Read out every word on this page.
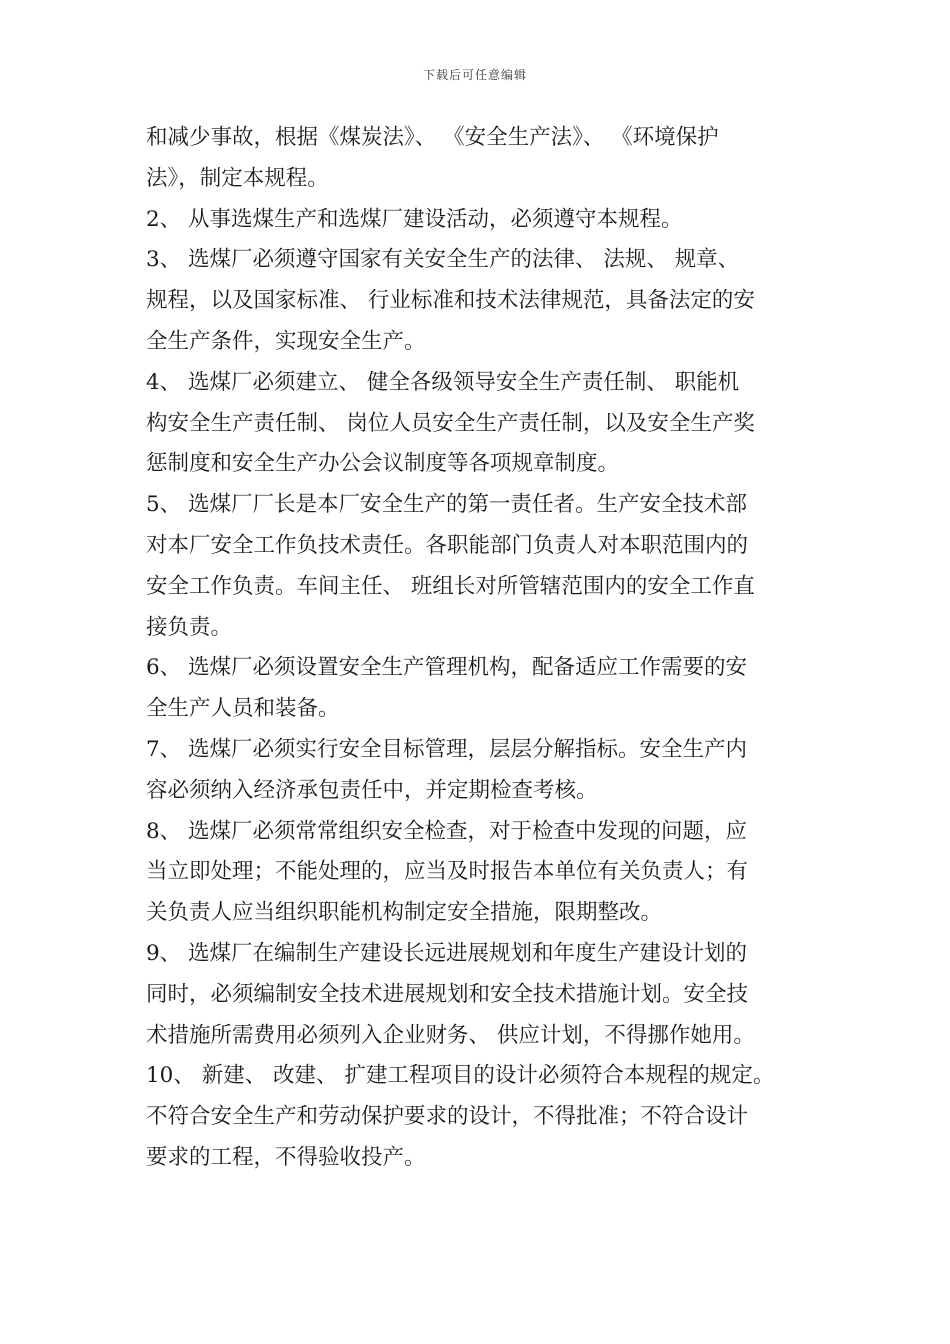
下载后可任意编辑
和减少事故，根据《煤炭法》、 《安全生产法》、 《环境保护
法》，制定本规程。
2、 从事选煤生产和选煤厂建设活动，必须遵守本规程。
3、 选煤厂必须遵守国家有关安全生产的法律、 法规、 规章、
规程，以及国家标准、 行业标准和技术法律规范，具备法定的安
全生产条件，实现安全生产。
4、 选煤厂必须建立、 健全各级领导安全生产责任制、 职能机
构安全生产责任制、 岗位人员安全生产责任制，以及安全生产奖
惩制度和安全生产办公会议制度等各项规章制度。
5、 选煤厂厂长是本厂安全生产的第一责任者。生产安全技术部
对本厂安全工作负技术责任。各职能部门负责人对本职范围内的
安全工作负责。车间主任、 班组长对所管辖范围内的安全工作直
接负责。
6、 选煤厂必须设置安全生产管理机构，配备适应工作需要的安
全生产人员和装备。
7、 选煤厂必须实行安全目标管理，层层分解指标。安全生产内
容必须纳入经济承包责任中，并定期检查考核。
8、 选煤厂必须常常组织安全检查，对于检查中发现的问题，应
当立即处理；不能处理的，应当及时报告本单位有关负责人；有
关负责人应当组织职能机构制定安全措施，限期整改。
9、 选煤厂在编制生产建设长远进展规划和年度生产建设计划的
同时，必须编制安全技术进展规划和安全技术措施计划。安全技
术措施所需费用必须列入企业财务、 供应计划，不得挪作她用。
10、 新建、 改建、 扩建工程项目的设计必须符合本规程的规定。
不符合安全生产和劳动保护要求的设计，不得批准；不符合设计
要求的工程，不得验收投产。
